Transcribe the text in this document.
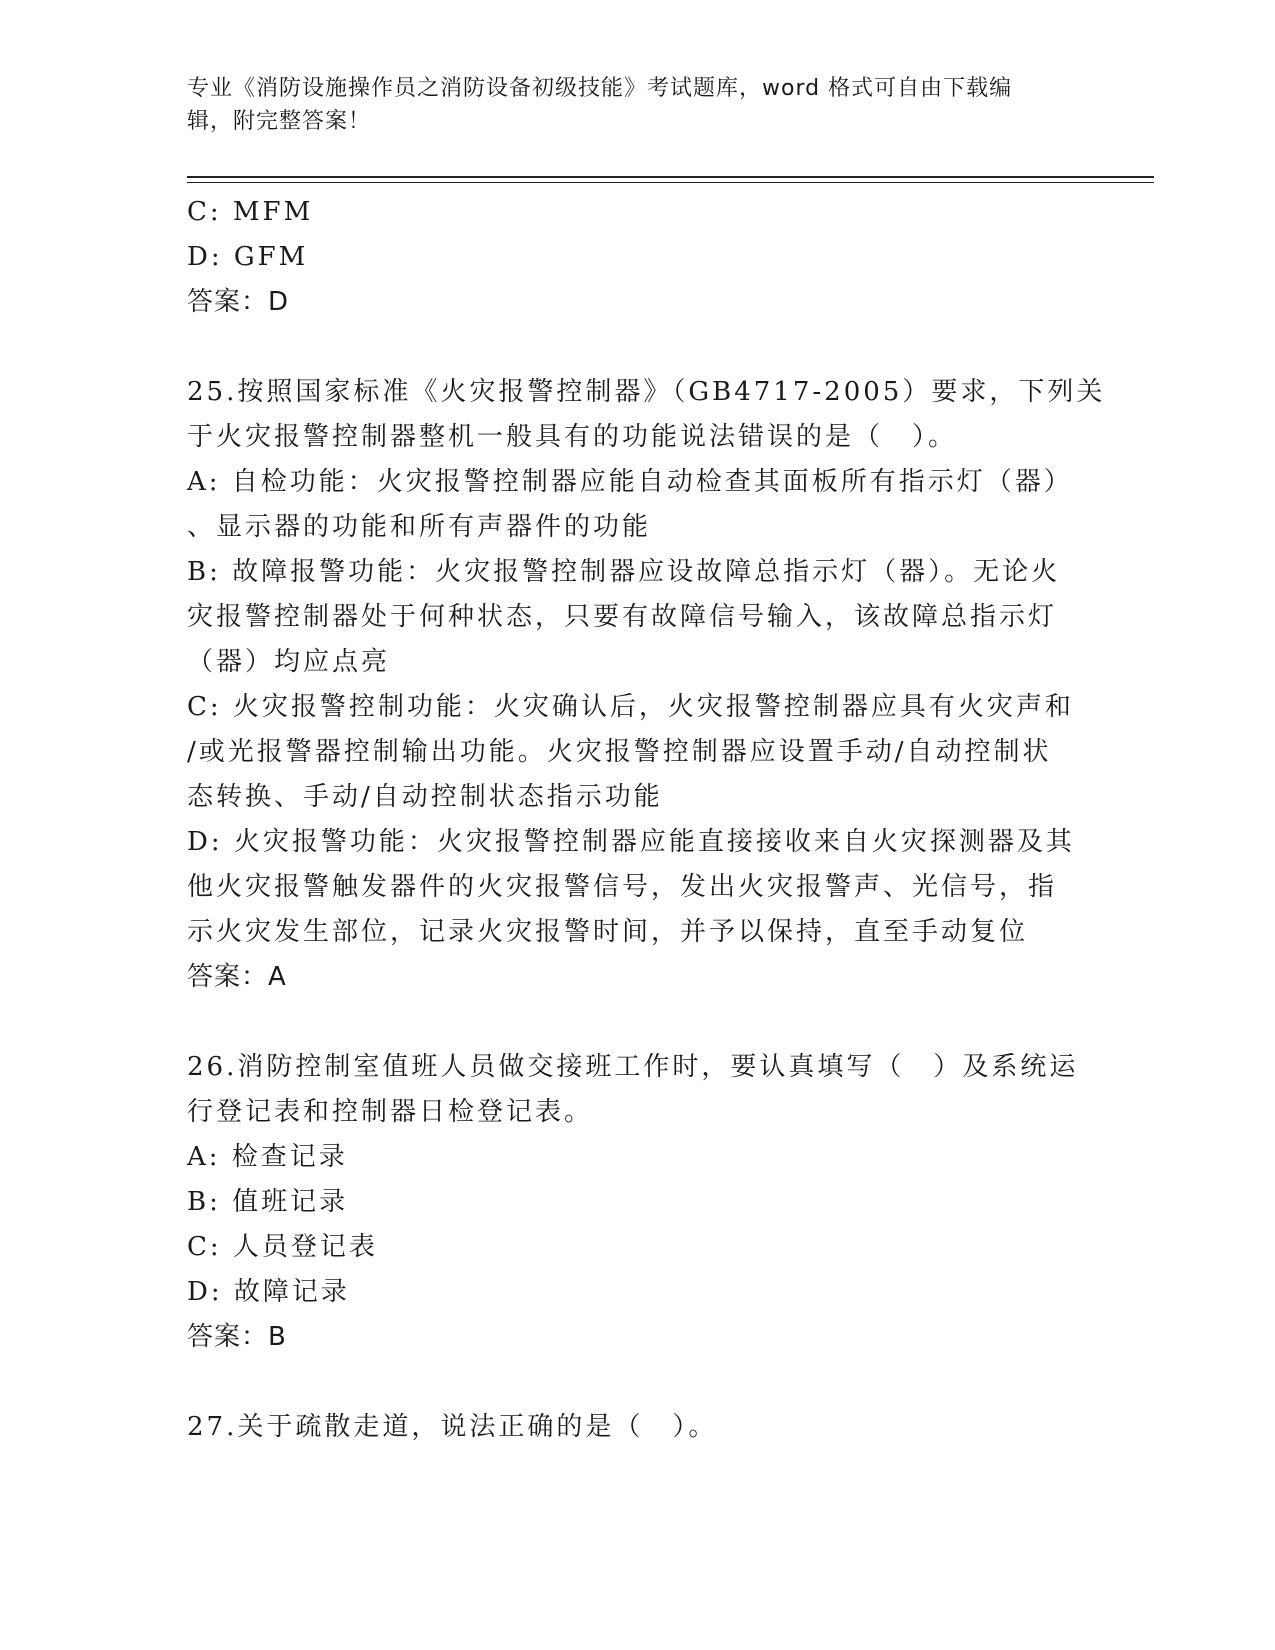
专业《消防设施操作员之消防设备初级技能》考试题库，word 格式可自由下载编
辑，附完整答案！
C: MFM
D: GFM
答案：D
25.按照国家标准《火灾报警控制器》（GB4717-2005）要求，下列关
于火灾报警控制器整机一般具有的功能说法错误的是（　）。
A: 自检功能：火灾报警控制器应能自动检查其面板所有指示灯（器）
、显示器的功能和所有声器件的功能
B: 故障报警功能：火灾报警控制器应设故障总指示灯（器）。无论火
灾报警控制器处于何种状态，只要有故障信号输入，该故障总指示灯
（器）均应点亮
C: 火灾报警控制功能：火灾确认后，火灾报警控制器应具有火灾声和
/或光报警器控制输出功能。火灾报警控制器应设置手动/自动控制状
态转换、手动/自动控制状态指示功能
D: 火灾报警功能：火灾报警控制器应能直接接收来自火灾探测器及其
他火灾报警触发器件的火灾报警信号，发出火灾报警声、光信号，指
示火灾发生部位，记录火灾报警时间，并予以保持，直至手动复位
答案：A
26.消防控制室值班人员做交接班工作时，要认真填写（　）及系统运
行登记表和控制器日检登记表。
A: 检查记录
B: 值班记录
C: 人员登记表
D: 故障记录
答案：B
27.关于疏散走道，说法正确的是（　）。
